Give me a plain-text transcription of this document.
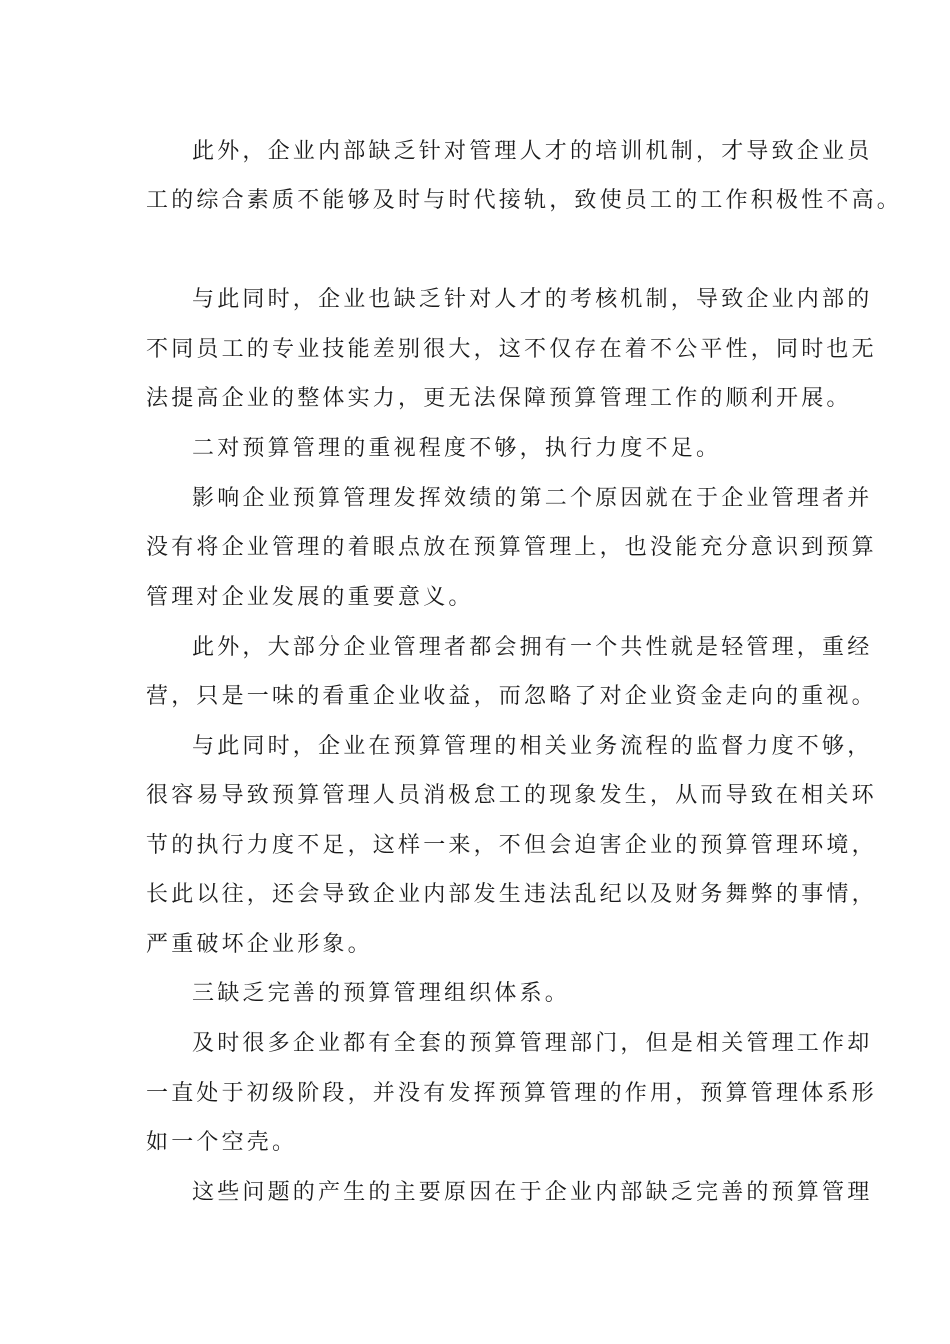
此外，企业内部缺乏针对管理人才的培训机制，才导致企业员
工的综合素质不能够及时与时代接轨，致使员工的工作积极性不高。
与此同时，企业也缺乏针对人才的考核机制，导致企业内部的
不同员工的专业技能差别很大，这不仅存在着不公平性，同时也无
法提高企业的整体实力，更无法保障预算管理工作的顺利开展。
二对预算管理的重视程度不够，执行力度不足。
影响企业预算管理发挥效绩的第二个原因就在于企业管理者并
没有将企业管理的着眼点放在预算管理上，也没能充分意识到预算
管理对企业发展的重要意义。
此外，大部分企业管理者都会拥有一个共性就是轻管理，重经
营，只是一味的看重企业收益，而忽略了对企业资金走向的重视。
与此同时，企业在预算管理的相关业务流程的监督力度不够，
很容易导致预算管理人员消极怠工的现象发生，从而导致在相关环
节的执行力度不足，这样一来，不但会迫害企业的预算管理环境，
长此以往，还会导致企业内部发生违法乱纪以及财务舞弊的事情，
严重破坏企业形象。
三缺乏完善的预算管理组织体系。
及时很多企业都有全套的预算管理部门，但是相关管理工作却
一直处于初级阶段，并没有发挥预算管理的作用，预算管理体系形
如一个空壳。
这些问题的产生的主要原因在于企业内部缺乏完善的预算管理
